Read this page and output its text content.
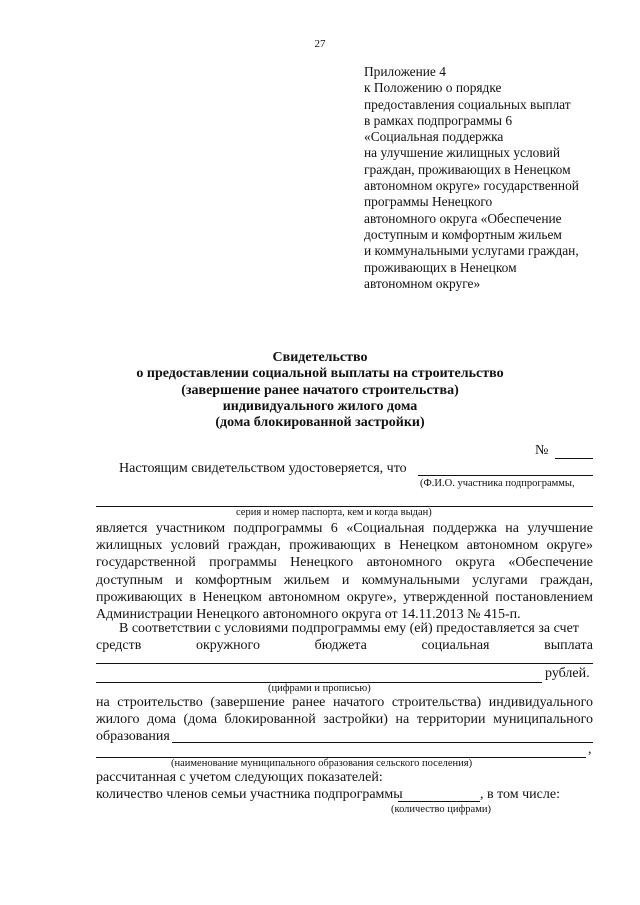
27
Приложение 4
к Положению о порядке
предоставления социальных выплат
в рамках подпрограммы 6
«Социальная поддержка
на улучшение жилищных условий
граждан, проживающих в Ненецком
автономном округе» государственной
программы Ненецкого
автономного округа «Обеспечение
доступным и комфортным жильем
и коммунальными услугами граждан,
проживающих в Ненецком
автономном округе»
Свидетельство
о предоставлении социальной выплаты на строительство
(завершение ранее начатого строительства)
индивидуального жилого дома
(дома блокированной застройки)
№
Настоящим свидетельством удостоверяется, что
(Ф.И.О. участника подпрограммы,
серия и номер паспорта, кем и когда выдан)
является участником подпрограммы 6 «Социальная поддержка на улучшение
жилищных условий граждан, проживающих в Ненецком автономном округе»
государственной программы Ненецкого автономного округа «Обеспечение
доступным и комфортным жильем и коммунальными услугами граждан,
проживающих в Ненецком автономном округе», утвержденной постановлением
Администрации Ненецкого автономного округа от 14.11.2013 № 415-п.
В соответствии с условиями подпрограммы ему (ей) предоставляется за счет
средств окружного бюджета социальная выплата
рублей.
(цифрами и прописью)
на строительство (завершение ранее начатого строительства) индивидуального
жилого дома (дома блокированной застройки) на территории муниципального
образования
,
(наименование муниципального образования сельского поселения)
рассчитанная с учетом следующих показателей:
количество членов семьи участника подпрограммы	, в том числе:
(количество цифрами)
